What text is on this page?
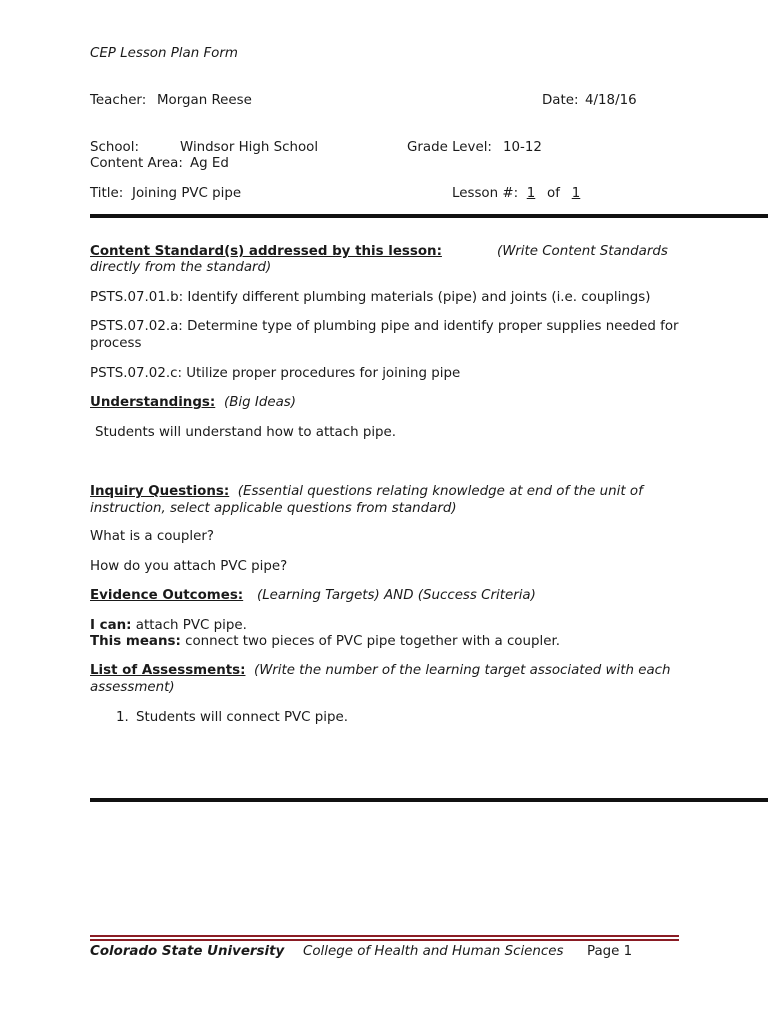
CEP Lesson Plan Form
Teacher: Morgan Reese	Date: 4/18/16
School:	Windsor High School	Grade Level: 10-12
Content Area: Ag Ed
Title: Joining PVC pipe	Lesson #: 1 of 1
Content Standard(s) addressed by this lesson:	(Write Content Standards
directly from the standard)
PSTS.07.01.b: Identify different plumbing materials (pipe) and joints (i.e. couplings)
PSTS.07.02.a: Determine type of plumbing pipe and identify proper supplies needed for process
PSTS.07.02.c: Utilize proper procedures for joining pipe
Understandings: (Big Ideas)
Students will understand how to attach pipe.
Inquiry Questions: (Essential questions relating knowledge at end of the unit of instruction, select applicable questions from standard)
What is a coupler?
How do you attach PVC pipe?
Evidence Outcomes: (Learning Targets) AND (Success Criteria)
I can: attach PVC pipe.
This means: connect two pieces of PVC pipe together with a coupler.
List of Assessments: (Write the number of the learning target associated with each assessment)
1. Students will connect PVC pipe.
Colorado State University College of Health and Human Sciences Page 1
